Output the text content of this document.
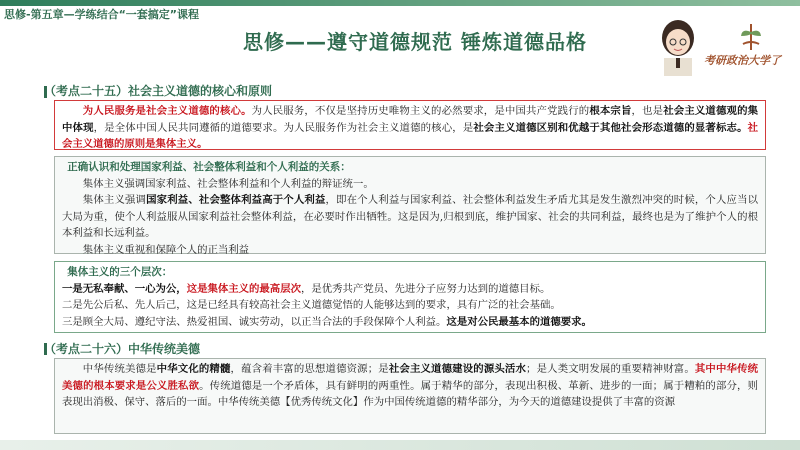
思修-第五章—学练结合“一套搞定”课程
思修——遵守道德规范 锤炼道德品格
考研政治大学了
（考点二十五）社会主义道德的核心和原则

为人民服务是社会主义道德的核心。为人民服务，不仅是坚持历史唯物主义的必然要求，是中国共产党践行的根本宗旨，也是社会主义道德观的集中体现，是全体中国人民共同遵循的道德要求。为人民服务作为社会主义道德的核心，是社会主义道德区别和优越于其他社会形态道德的显著标志。社会主义道德的原则是集体主义。

正确认识和处理国家利益、社会整体利益和个人利益的关系：

集体主义强调国家利益、社会整体利益和个人利益的辩证统一。

集体主义强调国家利益、社会整体利益高于个人利益，即在个人利益与国家利益、社会整体利益发生矛盾尤其是发生激烈冲突的时候，个人应当以大局为重，使个人利益服从国家利益社会整体利益，在必要时作出牺牲。这是因为,归根到底，维护国家、社会的共同利益，最终也是为了维护个人的根本利益和长远利益。

集体主义重视和保障个人的正当利益

集体主义的三个层次：

一是无私奉献、一心为公，这是集体主义的最高层次，是优秀共产党员、先进分子应努力达到的道德目标。

二是先公后私、先人后己，这是已经具有较高社会主义道德觉悟的人能够达到的要求，具有广泛的社会基础。

三是顾全大局、遵纪守法、热爱祖国、诚实劳动，以正当合法的手段保障个人利益。这是对公民最基本的道德要求。

（考点二十六）中华传统美德

中华传统美德是中华文化的精髓，蕴含着丰富的思想道德资源；是社会主义道德建设的源头活水；是人类文明发展的重要精神财富。其中中华传统美德的根本要求是公义胜私欲。传统道德是一个矛盾体，具有鲜明的两重性。属于精华的部分，表现出积极、革新、进步的一面；属于糟粕的部分，则表现出消极、保守、落后的一面。中华传统美德【优秀传统文化】作为中国传统道德的精华部分，为今天的道德建设提供了丰富的资源
